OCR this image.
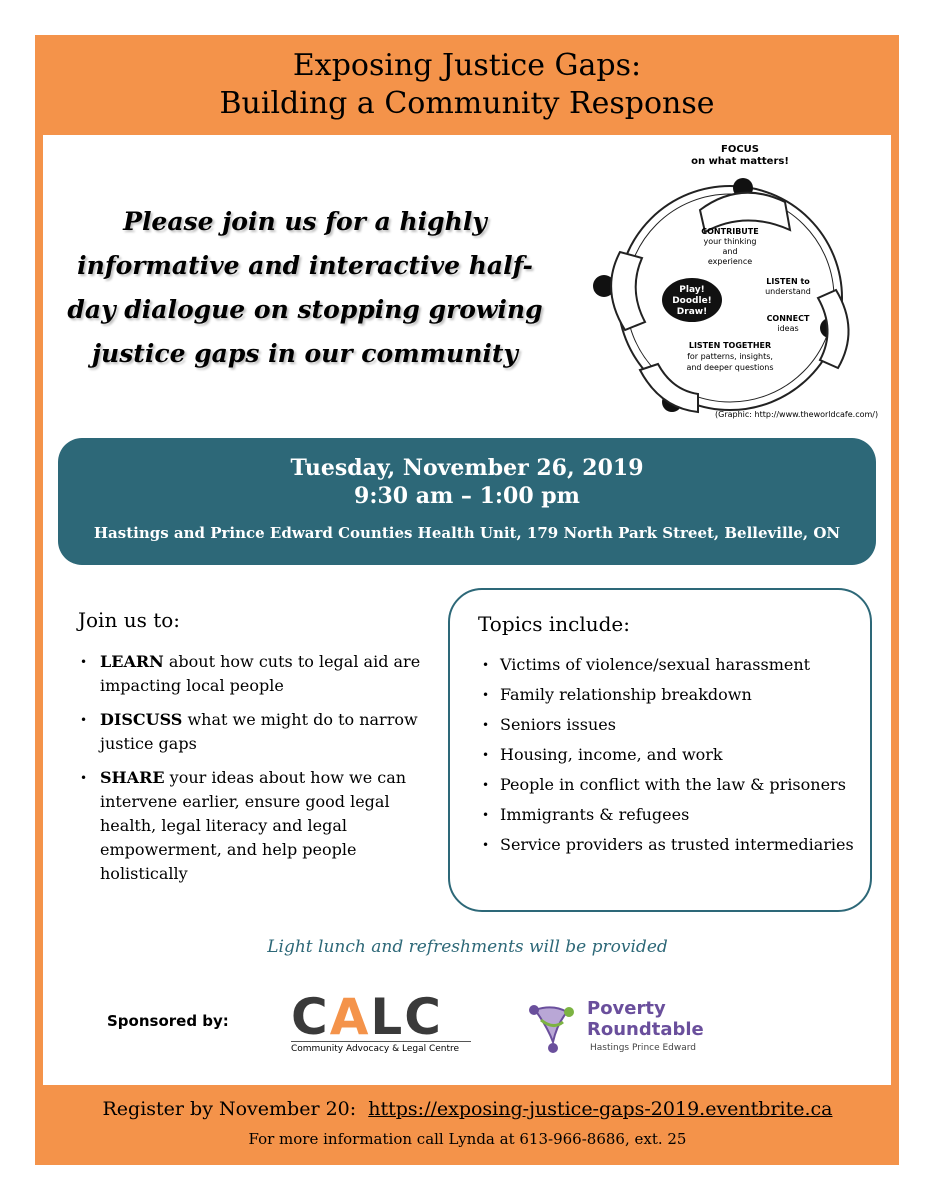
Exposing Justice Gaps:
Building a Community Response
Please join us for a highly informative and interactive half-day dialogue on stopping growing justice gaps in our community
FOCUS
on what matters!
CONTRIBUTE
your thinking
and
experience
LISTEN to
understand
Play!
Doodle!
Draw!
CONNECT
ideas
LISTEN TOGETHER
for patterns, insights,
and deeper questions
(Graphic: http://www.theworldcafe.com/)
Tuesday, November 26, 2019
9:30 am – 1:00 pm
Hastings and Prince Edward Counties Health Unit, 179 North Park Street, Belleville, ON
Join us to:
• LEARN about how cuts to legal aid are impacting local people
• DISCUSS what we might do to narrow justice gaps
• SHARE your ideas about how we can intervene earlier, ensure good legal health, legal literacy and legal empowerment, and help people holistically
Topics include:
• Victims of violence/sexual harassment
• Family relationship breakdown
• Seniors issues
• Housing, income, and work
• People in conflict with the law & prisoners
• Immigrants & refugees
• Service providers as trusted intermediaries
Light lunch and refreshments will be provided
Sponsored by: CALC
Community Advocacy & Legal Centre
Poverty
Roundtable
Hastings Prince Edward
Register by November 20: https://exposing-justice-gaps-2019.eventbrite.ca
For more information call Lynda at 613-966-8686, ext. 25
